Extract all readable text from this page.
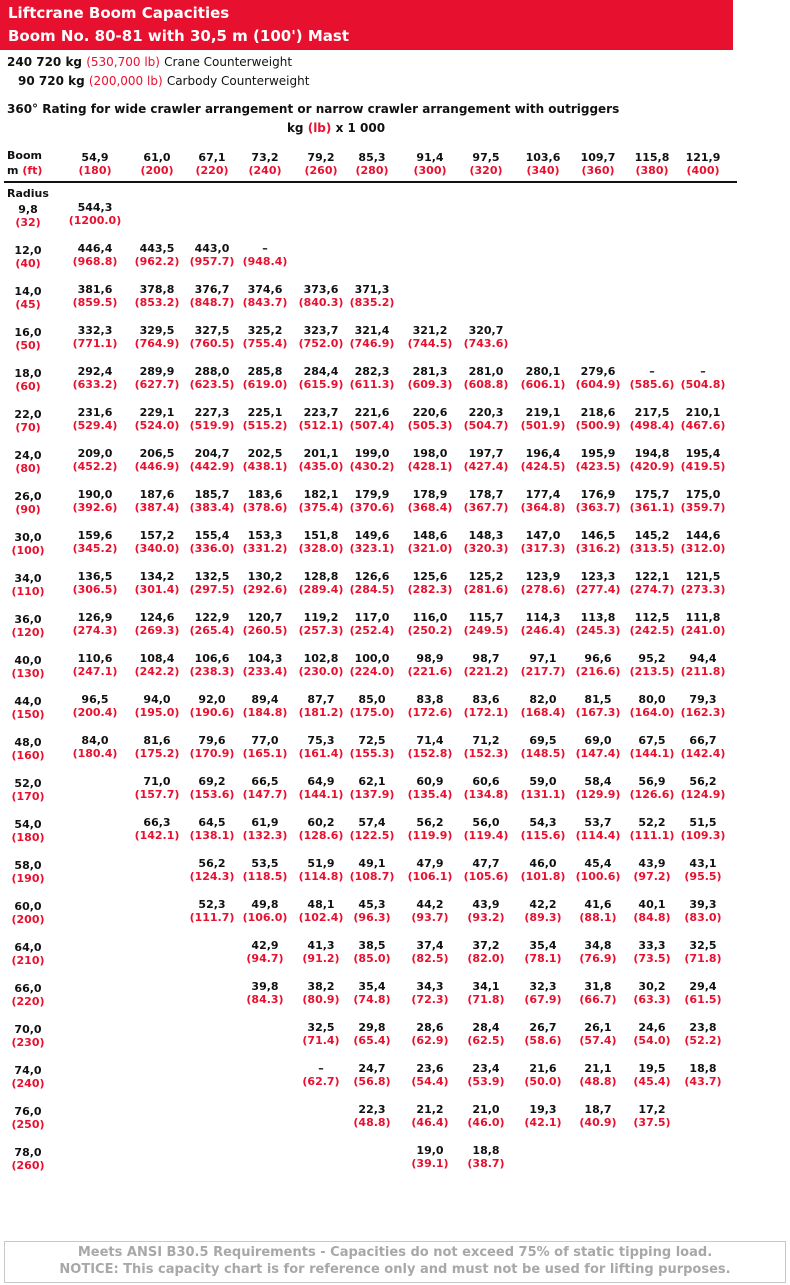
Liftcrane Boom Capacities
Boom No. 80-81 with 30,5 m (100') Mast
240 720 kg (530,700 lb) Crane Counterweight
90 720 kg (200,000 lb) Carbody Counterweight
360° Rating for wide crawler arrangement or narrow crawler arrangement with outriggers
kg (lb) x 1 000
Boom
m (ft)
54,9
(180)
61,0
(200)
67,1
(220)
73,2
(240)
79,2
(260)
85,3
(280)
91,4
(300)
97,5
(320)
103,6
(340)
109,7
(360)
115,8
(380)
121,9
(400)
Radius
9,8
(32)
544,3
(1200.0)
12,0
(40)
446,4
(968.8)
443,5
(962.2)
443,0
(957.7)
–
(948.4)
14,0
(45)
381,6
(859.5)
378,8
(853.2)
376,7
(848.7)
374,6
(843.7)
373,6
(840.3)
371,3
(835.2)
16,0
(50)
332,3
(771.1)
329,5
(764.9)
327,5
(760.5)
325,2
(755.4)
323,7
(752.0)
321,4
(746.9)
321,2
(744.5)
320,7
(743.6)
18,0
(60)
292,4
(633.2)
289,9
(627.7)
288,0
(623.5)
285,8
(619.0)
284,4
(615.9)
282,3
(611.3)
281,3
(609.3)
281,0
(608.8)
280,1
(606.1)
279,6
(604.9)
–
(585.6)
–
(504.8)
22,0
(70)
231,6
(529.4)
229,1
(524.0)
227,3
(519.9)
225,1
(515.2)
223,7
(512.1)
221,6
(507.4)
220,6
(505.3)
220,3
(504.7)
219,1
(501.9)
218,6
(500.9)
217,5
(498.4)
210,1
(467.6)
24,0
(80)
209,0
(452.2)
206,5
(446.9)
204,7
(442.9)
202,5
(438.1)
201,1
(435.0)
199,0
(430.2)
198,0
(428.1)
197,7
(427.4)
196,4
(424.5)
195,9
(423.5)
194,8
(420.9)
195,4
(419.5)
26,0
(90)
190,0
(392.6)
187,6
(387.4)
185,7
(383.4)
183,6
(378.6)
182,1
(375.4)
179,9
(370.6)
178,9
(368.4)
178,7
(367.7)
177,4
(364.8)
176,9
(363.7)
175,7
(361.1)
175,0
(359.7)
30,0
(100)
159,6
(345.2)
157,2
(340.0)
155,4
(336.0)
153,3
(331.2)
151,8
(328.0)
149,6
(323.1)
148,6
(321.0)
148,3
(320.3)
147,0
(317.3)
146,5
(316.2)
145,2
(313.5)
144,6
(312.0)
34,0
(110)
136,5
(306.5)
134,2
(301.4)
132,5
(297.5)
130,2
(292.6)
128,8
(289.4)
126,6
(284.5)
125,6
(282.3)
125,2
(281.6)
123,9
(278.6)
123,3
(277.4)
122,1
(274.7)
121,5
(273.3)
36,0
(120)
126,9
(274.3)
124,6
(269.3)
122,9
(265.4)
120,7
(260.5)
119,2
(257.3)
117,0
(252.4)
116,0
(250.2)
115,7
(249.5)
114,3
(246.4)
113,8
(245.3)
112,5
(242.5)
111,8
(241.0)
40,0
(130)
110,6
(247.1)
108,4
(242.2)
106,6
(238.3)
104,3
(233.4)
102,8
(230.0)
100,0
(224.0)
98,9
(221.6)
98,7
(221.2)
97,1
(217.7)
96,6
(216.6)
95,2
(213.5)
94,4
(211.8)
44,0
(150)
96,5
(200.4)
94,0
(195.0)
92,0
(190.6)
89,4
(184.8)
87,7
(181.2)
85,0
(175.0)
83,8
(172.6)
83,6
(172.1)
82,0
(168.4)
81,5
(167.3)
80,0
(164.0)
79,3
(162.3)
48,0
(160)
84,0
(180.4)
81,6
(175.2)
79,6
(170.9)
77,0
(165.1)
75,3
(161.4)
72,5
(155.3)
71,4
(152.8)
71,2
(152.3)
69,5
(148.5)
69,0
(147.4)
67,5
(144.1)
66,7
(142.4)
52,0
(170)
71,0
(157.7)
69,2
(153.6)
66,5
(147.7)
64,9
(144.1)
62,1
(137.9)
60,9
(135.4)
60,6
(134.8)
59,0
(131.1)
58,4
(129.9)
56,9
(126.6)
56,2
(124.9)
54,0
(180)
66,3
(142.1)
64,5
(138.1)
61,9
(132.3)
60,2
(128.6)
57,4
(122.5)
56,2
(119.9)
56,0
(119.4)
54,3
(115.6)
53,7
(114.4)
52,2
(111.1)
51,5
(109.3)
58,0
(190)
56,2
(124.3)
53,5
(118.5)
51,9
(114.8)
49,1
(108.7)
47,9
(106.1)
47,7
(105.6)
46,0
(101.8)
45,4
(100.6)
43,9
(97.2)
43,1
(95.5)
60,0
(200)
52,3
(111.7)
49,8
(106.0)
48,1
(102.4)
45,3
(96.3)
44,2
(93.7)
43,9
(93.2)
42,2
(89.3)
41,6
(88.1)
40,1
(84.8)
39,3
(83.0)
64,0
(210)
42,9
(94.7)
41,3
(91.2)
38,5
(85.0)
37,4
(82.5)
37,2
(82.0)
35,4
(78.1)
34,8
(76.9)
33,3
(73.5)
32,5
(71.8)
66,0
(220)
39,8
(84.3)
38,2
(80.9)
35,4
(74.8)
34,3
(72.3)
34,1
(71.8)
32,3
(67.9)
31,8
(66.7)
30,2
(63.3)
29,4
(61.5)
70,0
(230)
32,5
(71.4)
29,8
(65.4)
28,6
(62.9)
28,4
(62.5)
26,7
(58.6)
26,1
(57.4)
24,6
(54.0)
23,8
(52.2)
74,0
(240)
–
(62.7)
24,7
(56.8)
23,6
(54.4)
23,4
(53.9)
21,6
(50.0)
21,1
(48.8)
19,5
(45.4)
18,8
(43.7)
76,0
(250)
22,3
(48.8)
21,2
(46.4)
21,0
(46.0)
19,3
(42.1)
18,7
(40.9)
17,2
(37.5)
78,0
(260)
19,0
(39.1)
18,8
(38.7)
Meets ANSI B30.5 Requirements - Capacities do not exceed 75% of static tipping load.
NOTICE: This capacity chart is for reference only and must not be used for lifting purposes.
